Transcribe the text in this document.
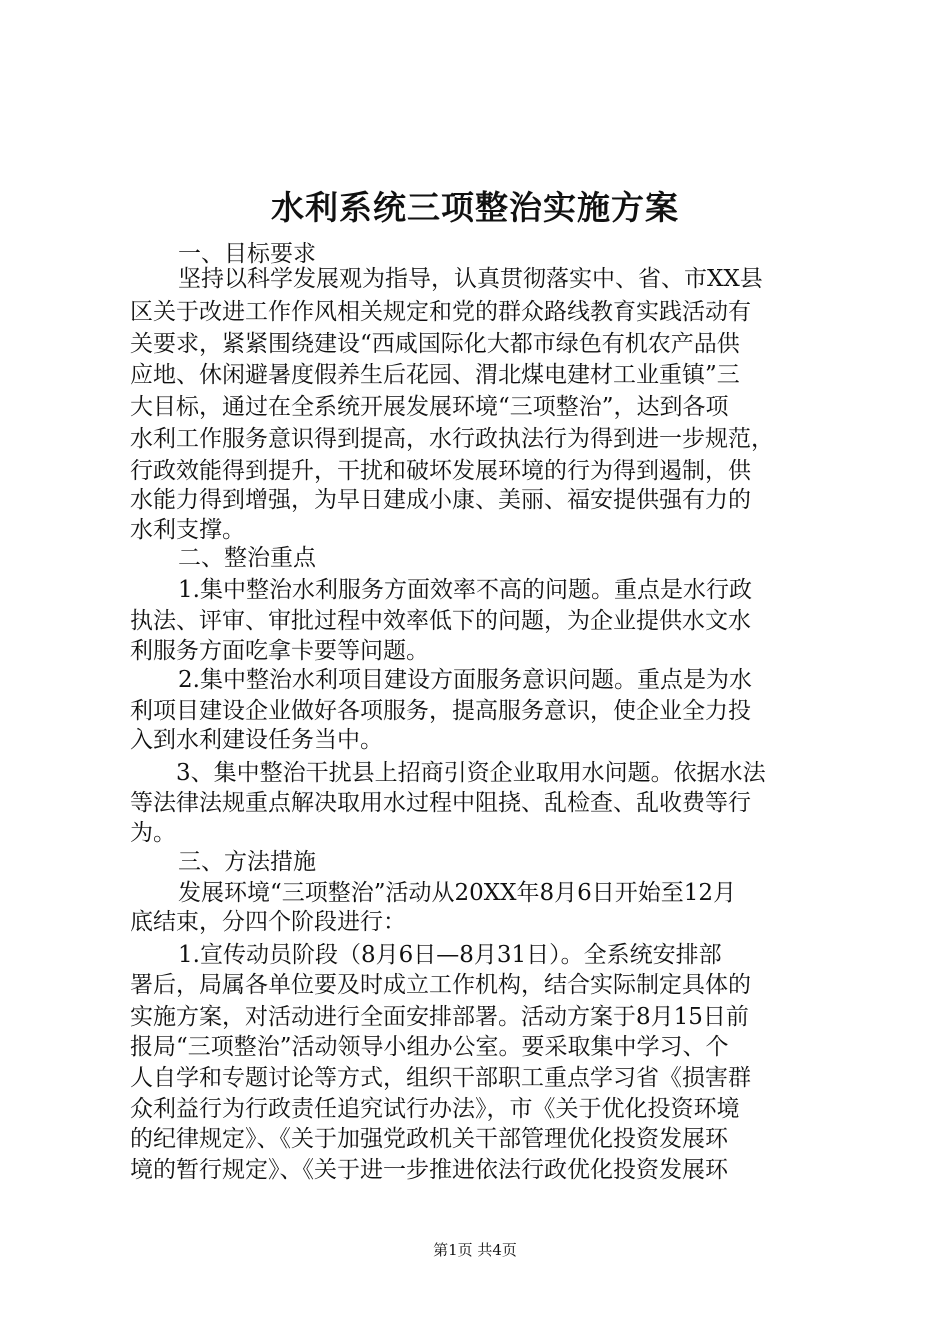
水利系统三项整治实施方案
一、目标要求
坚持以科学发展观为指导，认真贯彻落实中、省、市XX县
区关于改进工作作风相关规定和党的群众路线教育实践活动有
关要求，紧紧围绕建设“西咸国际化大都市绿色有机农产品供
应地、休闲避暑度假养生后花园、渭北煤电建材工业重镇”三
大目标，通过在全系统开展发展环境“三项整治”，达到各项
水利工作服务意识得到提高，水行政执法行为得到进一步规范，
行政效能得到提升，干扰和破坏发展环境的行为得到遏制，供
水能力得到增强，为早日建成小康、美丽、福安提供强有力的
水利支撑。
二、整治重点
1.集中整治水利服务方面效率不高的问题。重点是水行政
执法、评审、审批过程中效率低下的问题，为企业提供水文水
利服务方面吃拿卡要等问题。
2.集中整治水利项目建设方面服务意识问题。重点是为水
利项目建设企业做好各项服务，提高服务意识，使企业全力投
入到水利建设任务当中。
3、集中整治干扰县上招商引资企业取用水问题。依据水法
等法律法规重点解决取用水过程中阻挠、乱检查、乱收费等行
为。
三、方法措施
发展环境“三项整治”活动从20XX年8月6日开始至12月
底结束，分四个阶段进行：
1.宣传动员阶段（8月6日—8月31日）。全系统安排部
署后，局属各单位要及时成立工作机构，结合实际制定具体的
实施方案，对活动进行全面安排部署。活动方案于8月15日前
报局“三项整治”活动领导小组办公室。要采取集中学习、个
人自学和专题讨论等方式，组织干部职工重点学习省《损害群
众利益行为行政责任追究试行办法》，市《关于优化投资环境
的纪律规定》、《关于加强党政机关干部管理优化投资发展环
境的暂行规定》、《关于进一步推进依法行政优化投资发展环
第1页 共4页
